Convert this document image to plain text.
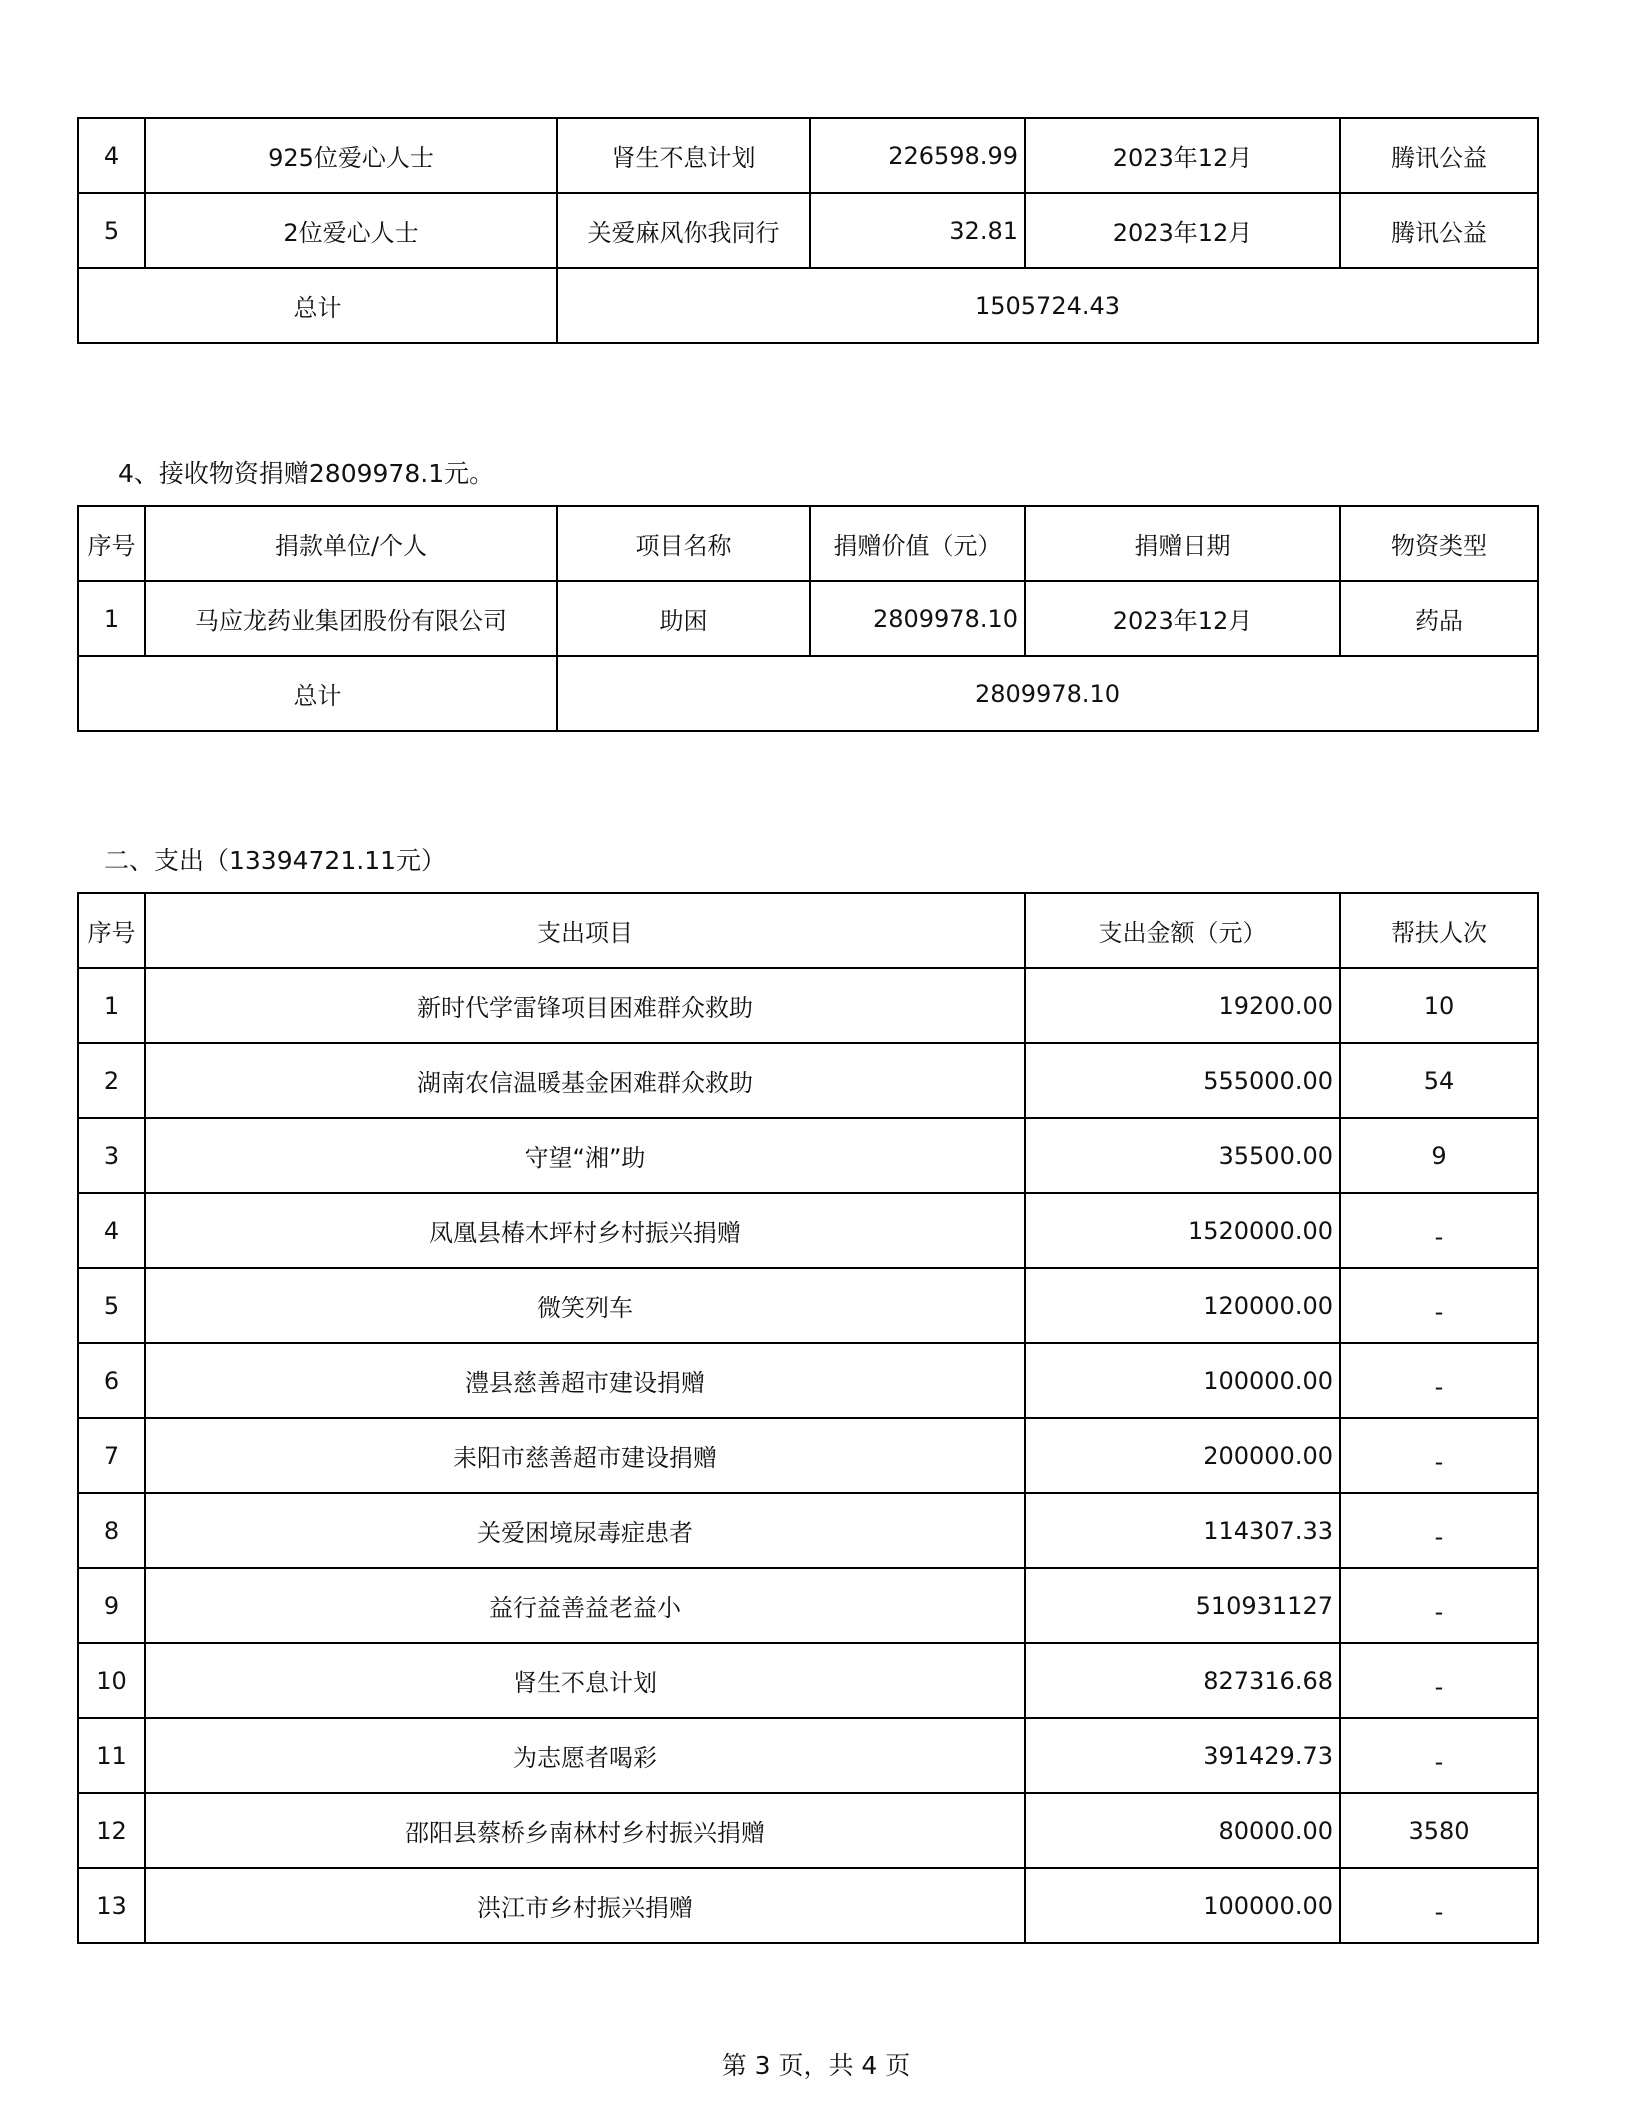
4	925位爱心人士	肾生不息计划	226598.99	2023年12月	腾讯公益
5	2位爱心人士	关爱麻风你我同行	32.81	2023年12月	腾讯公益
总计		1505724.43			
4、接收物资捐赠2809978.1元。
序号	捐款单位/个人	项目名称	捐赠价值（元）	捐赠日期	物资类型
1	马应龙药业集团股份有限公司	助困	2809978.10	2023年12月	药品
总计		2809978.10			
二、支出（13394721.11元）
序号	支出项目	支出金额（元）	帮扶人次
1	新时代学雷锋项目困难群众救助	19200.00	10
2	湖南农信温暖基金困难群众救助	555000.00	54
3	守望“湘”助	35500.00	9
4	凤凰县椿木坪村乡村振兴捐赠	1520000.00	-
5	微笑列车	120000.00	-
6	澧县慈善超市建设捐赠	100000.00	-
7	耒阳市慈善超市建设捐赠	200000.00	-
8	关爱困境尿毒症患者	114307.33	-
9	益行益善益老益小	510931127	-
10	肾生不息计划	827316.68	-
11	为志愿者喝彩	391429.73	-
12	邵阳县蔡桥乡南林村乡村振兴捐赠	80000.00	3580
13	洪江市乡村振兴捐赠	100000.00	-
第 3 页，共 4 页
